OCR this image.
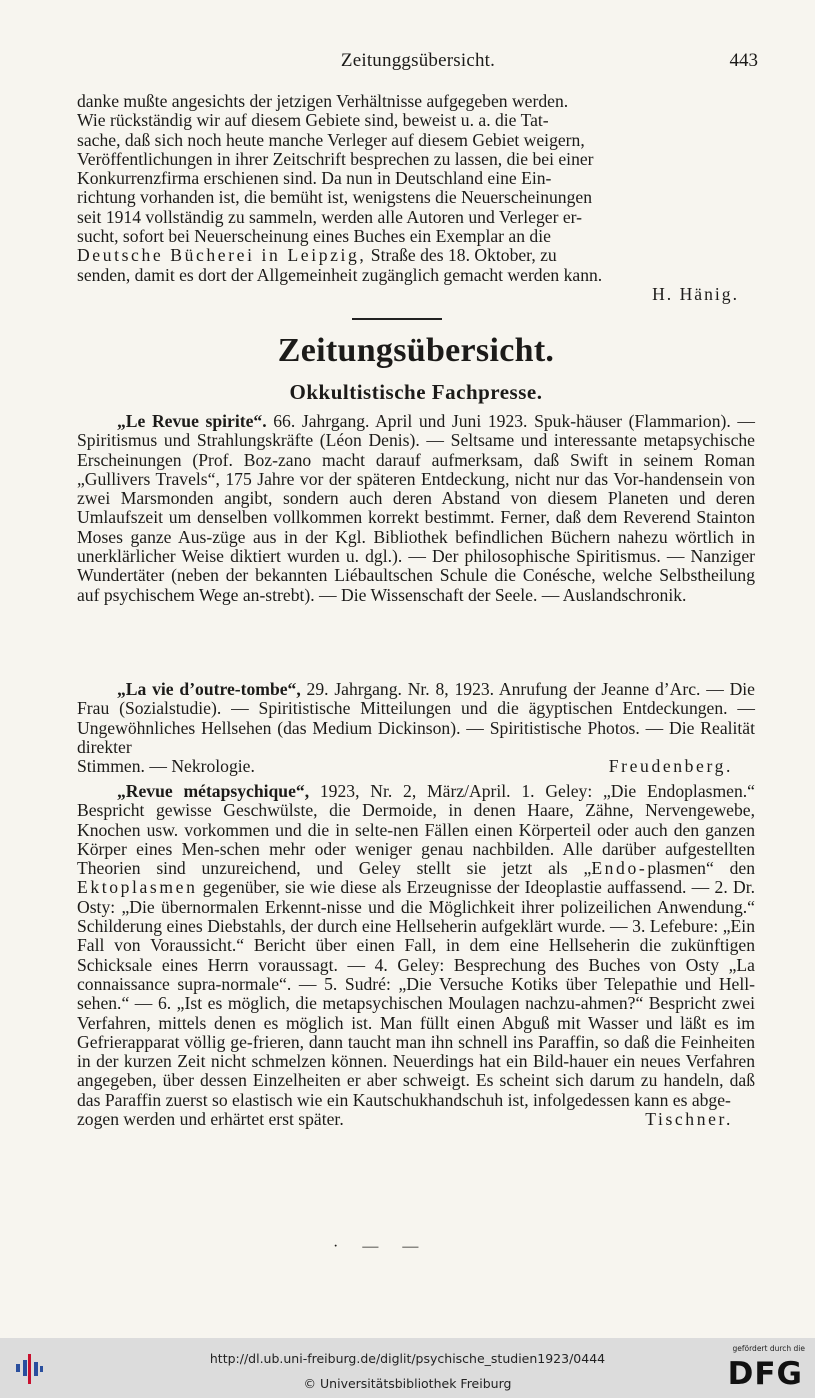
Zeitunggsübersicht.	443

danke mußte angesichts der jetzigen Verhältnisse aufgegeben werden.

Wie rückständig wir auf diesem Gebiete sind, beweist u. a. die Tat-

sache, daß sich noch heute manche Verleger auf diesem Gebiet weigern,

Veröffentlichungen in ihrer Zeitschrift besprechen zu lassen, die bei einer

Konkurrenzfirma erschienen sind. Da nun in Deutschland eine Ein-

richtung vorhanden ist, die bemüht ist, wenigstens die Neuerscheinungen

seit 1914 vollständig zu sammeln, werden alle Autoren und Verleger er-

sucht, sofort bei Neuerscheinung eines Buches ein Exemplar an die

Deutsche Bücherei in Leipzig, Straße des 18. Oktober, zu

senden, damit es dort der Allgemeinheit zugänglich gemacht werden kann.

H. Hänig.

Zeitungsübersicht.
Okkultistische Fachpresse.

„Le Revue spirite“. 66. Jahrgang. April und Juni 1923. Spuk-häuser (Flammarion). — Spiritismus und Strahlungskräfte (Léon Denis). — Seltsame und interessante metapsychische Erscheinungen (Prof. Boz-zano macht darauf aufmerksam, daß Swift in seinem Roman „Gullivers Travels“, 175 Jahre vor der späteren Entdeckung, nicht nur das Vor-handensein von zwei Marsmonden angibt, sondern auch deren Abstand von diesem Planeten und deren Umlaufszeit um denselben vollkommen korrekt bestimmt. Ferner, daß dem Reverend Stainton Moses ganze Aus-züge aus in der Kgl. Bibliothek befindlichen Büchern nahezu wörtlich in unerklärlicher Weise diktiert wurden u. dgl.). — Der philosophische Spiritismus. — Nanziger Wundertäter (neben der bekannten Liébaultschen Schule die Conésche, welche Selbstheilung auf psychischem Wege an-strebt). — Die Wissenschaft der Seele. — Auslandschronik.

„La vie d’outre-tombe“, 29. Jahrgang. Nr. 8, 1923. Anrufung der Jeanne d’Arc. — Die Frau (Sozialstudie). — Spiritistische Mitteilungen und die ägyptischen Entdeckungen. — Ungewöhnliches Hellsehen (das Medium Dickinson). — Spiritistische Photos. — Die Realität direkter

Stimmen. — Nekrologie.	Freudenberg.

„Revue métapsychique“, 1923, Nr. 2, März/April. 1. Geley: „Die Endoplasmen.“ Bespricht gewisse Geschwülste, die Dermoide, in denen Haare, Zähne, Nervengewebe, Knochen usw. vorkommen und die in selte-nen Fällen einen Körperteil oder auch den ganzen Körper eines Men-schen mehr oder weniger genau nachbilden. Alle darüber aufgestellten Theorien sind unzureichend, und Geley stellt sie jetzt als „Endo-plasmen“ den Ektoplasmen gegenüber, sie wie diese als Erzeugnisse der Ideoplastie auffassend. — 2. Dr. Osty: „Die übernormalen Erkennt-nisse und die Möglichkeit ihrer polizeilichen Anwendung.“ Schilderung eines Diebstahls, der durch eine Hellseherin aufgeklärt wurde. — 3. Lefebure: „Ein Fall von Voraussicht.“ Bericht über einen Fall, in dem eine Hellseherin die zukünftigen Schicksale eines Herrn voraussagt. — 4. Geley: Besprechung des Buches von Osty „La connaissance supra-normale“. — 5. Sudré: „Die Versuche Kotiks über Telepathie und Hell-sehen.“ — 6. „Ist es möglich, die metapsychischen Moulagen nachzu-ahmen?“ Bespricht zwei Verfahren, mittels denen es möglich ist. Man füllt einen Abguß mit Wasser und läßt es im Gefrierapparat völlig ge-frieren, dann taucht man ihn schnell ins Paraffin, so daß die Feinheiten in der kurzen Zeit nicht schmelzen können. Neuerdings hat ein Bild-hauer ein neues Verfahren angegeben, über dessen Einzelheiten er aber schweigt. Es scheint sich darum zu handeln, daß das Paraffin zuerst so elastisch wie ein Kautschukhandschuh ist, infolgedessen kann es abge-

zogen werden und erhärtet erst später.	Tischner.

· — —
http://dl.ub.uni-freiburg.de/diglit/psychische_studien1923/0444
© Universitätsbibliothek Freiburg
gefördert durch die
DFG
